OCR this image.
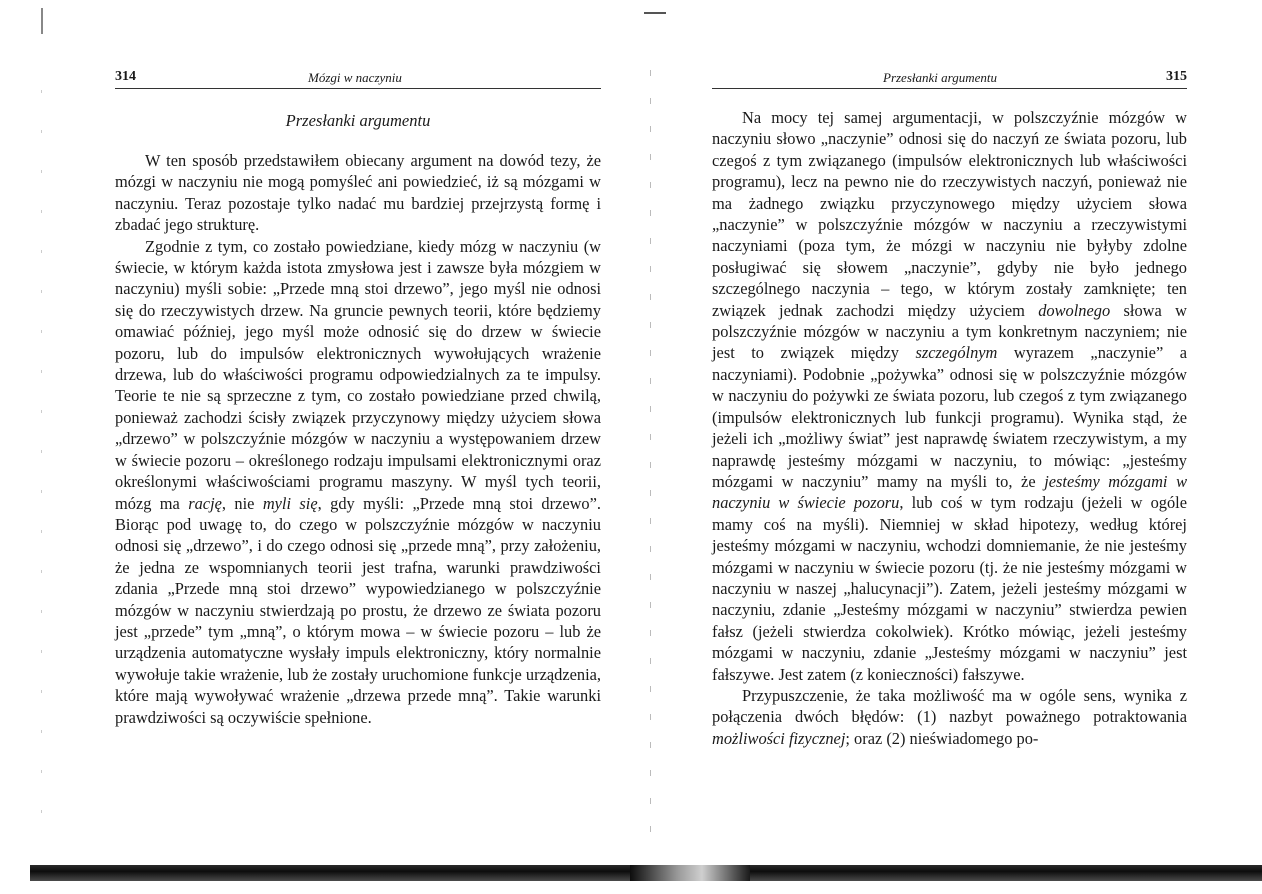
314	Mózgi w naczyniu
Przesłanki argumentu

W ten sposób przedstawiłem obiecany argument na dowód tezy, że mózgi w naczyniu nie mogą pomyśleć ani powiedzieć, iż są mózgami w naczyniu. Teraz pozostaje tylko nadać mu bardziej przejrzystą formę i zbadać jego strukturę.

Zgodnie z tym, co zostało powiedziane, kiedy mózg w naczyniu (w świecie, w którym każda istota zmysłowa jest i zawsze była mózgiem w naczyniu) myśli sobie: „Przede mną stoi drzewo”, jego myśl nie odnosi się do rzeczywistych drzew. Na gruncie pewnych teorii, które będziemy omawiać później, jego myśl może odnosić się do drzew w świecie pozoru, lub do impulsów elektronicznych wywołujących wrażenie drzewa, lub do właściwości programu odpowiedzialnych za te impulsy. Teorie te nie są sprzeczne z tym, co zostało powiedziane przed chwilą, ponieważ zachodzi ścisły związek przyczynowy między użyciem słowa „drzewo” w polszczyźnie mózgów w naczyniu a występowaniem drzew w świecie pozoru – określonego rodzaju impulsami elektronicznymi oraz określonymi właściwościami programu maszyny. W myśl tych teorii, mózg ma rację, nie myli się, gdy myśli: „Przede mną stoi drzewo”. Biorąc pod uwagę to, do czego w polszczyźnie mózgów w naczyniu odnosi się „drzewo”, i do czego odnosi się „przede mną”, przy założeniu, że jedna ze wspomnianych teorii jest trafna, warunki prawdziwości zdania „Przede mną stoi drzewo” wypowiedzianego w polszczyźnie mózgów w naczyniu stwierdzają po prostu, że drzewo ze świata pozoru jest „przede” tym „mną”, o którym mowa – w świecie pozoru – lub że urządzenia automatyczne wysłały impuls elektroniczny, który normalnie wywołuje takie wrażenie, lub że zostały uruchomione funkcje urządzenia, które mają wywoływać wrażenie „drzewa przede mną”. Takie warunki prawdziwości są oczywiście spełnione.

Przesłanki argumentu	315

Na mocy tej samej argumentacji, w polszczyźnie mózgów w naczyniu słowo „naczynie” odnosi się do naczyń ze świata pozoru, lub czegoś z tym związanego (impulsów elektronicznych lub właściwości programu), lecz na pewno nie do rzeczywistych naczyń, ponieważ nie ma żadnego związku przyczynowego między użyciem słowa „naczynie” w polszczyźnie mózgów w naczyniu a rzeczywistymi naczyniami (poza tym, że mózgi w naczyniu nie byłyby zdolne posługiwać się słowem „naczynie”, gdyby nie było jednego szczególnego naczynia – tego, w którym zostały zamknięte; ten związek jednak zachodzi między użyciem dowolnego słowa w polszczyźnie mózgów w naczyniu a tym konkretnym naczyniem; nie jest to związek między szczególnym wyrazem „naczynie” a naczyniami). Podobnie „pożywka” odnosi się w polszczyźnie mózgów w naczyniu do pożywki ze świata pozoru, lub czegoś z tym związanego (impulsów elektronicznych lub funkcji programu). Wynika stąd, że jeżeli ich „możliwy świat” jest naprawdę światem rzeczywistym, a my naprawdę jesteśmy mózgami w naczyniu, to mówiąc: „jesteśmy mózgami w naczyniu” mamy na myśli to, że jesteśmy mózgami w naczyniu w świecie pozoru, lub coś w tym rodzaju (jeżeli w ogóle mamy coś na myśli). Niemniej w skład hipotezy, według której jesteśmy mózgami w naczyniu, wchodzi domniemanie, że nie jesteśmy mózgami w naczyniu w świecie pozoru (tj. że nie jesteśmy mózgami w naczyniu w naszej „halucynacji”). Zatem, jeżeli jesteśmy mózgami w naczyniu, zdanie „Jesteśmy mózgami w naczyniu” stwierdza pewien fałsz (jeżeli stwierdza cokolwiek). Krótko mówiąc, jeżeli jesteśmy mózgami w naczyniu, zdanie „Jesteśmy mózgami w naczyniu” jest fałszywe. Jest zatem (z konieczności) fałszywe.

Przypuszczenie, że taka możliwość ma w ogóle sens, wynika z połączenia dwóch błędów: (1) nazbyt poważnego potraktowania możliwości fizycznej; oraz (2) nieświadomego po-
